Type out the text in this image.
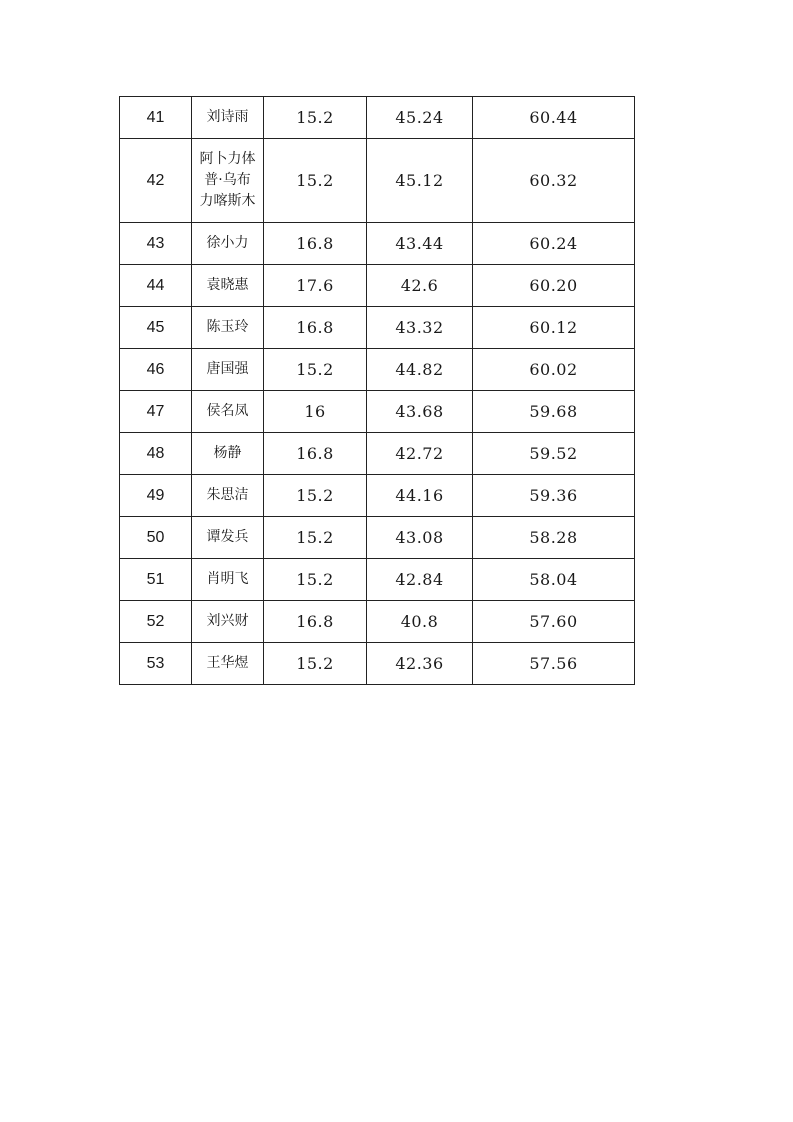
41	刘诗雨	15.2	45.24	60.44
42	阿卜力体普·乌布力喀斯木	15.2	45.12	60.32
43	徐小力	16.8	43.44	60.24
44	袁晓惠	17.6	42.6	60.20
45	陈玉玲	16.8	43.32	60.12
46	唐国强	15.2	44.82	60.02
47	侯名凤	16	43.68	59.68
48	杨静	16.8	42.72	59.52
49	朱思洁	15.2	44.16	59.36
50	谭发兵	15.2	43.08	58.28
51	肖明飞	15.2	42.84	58.04
52	刘兴财	16.8	40.8	57.60
53	王华煜	15.2	42.36	57.56
